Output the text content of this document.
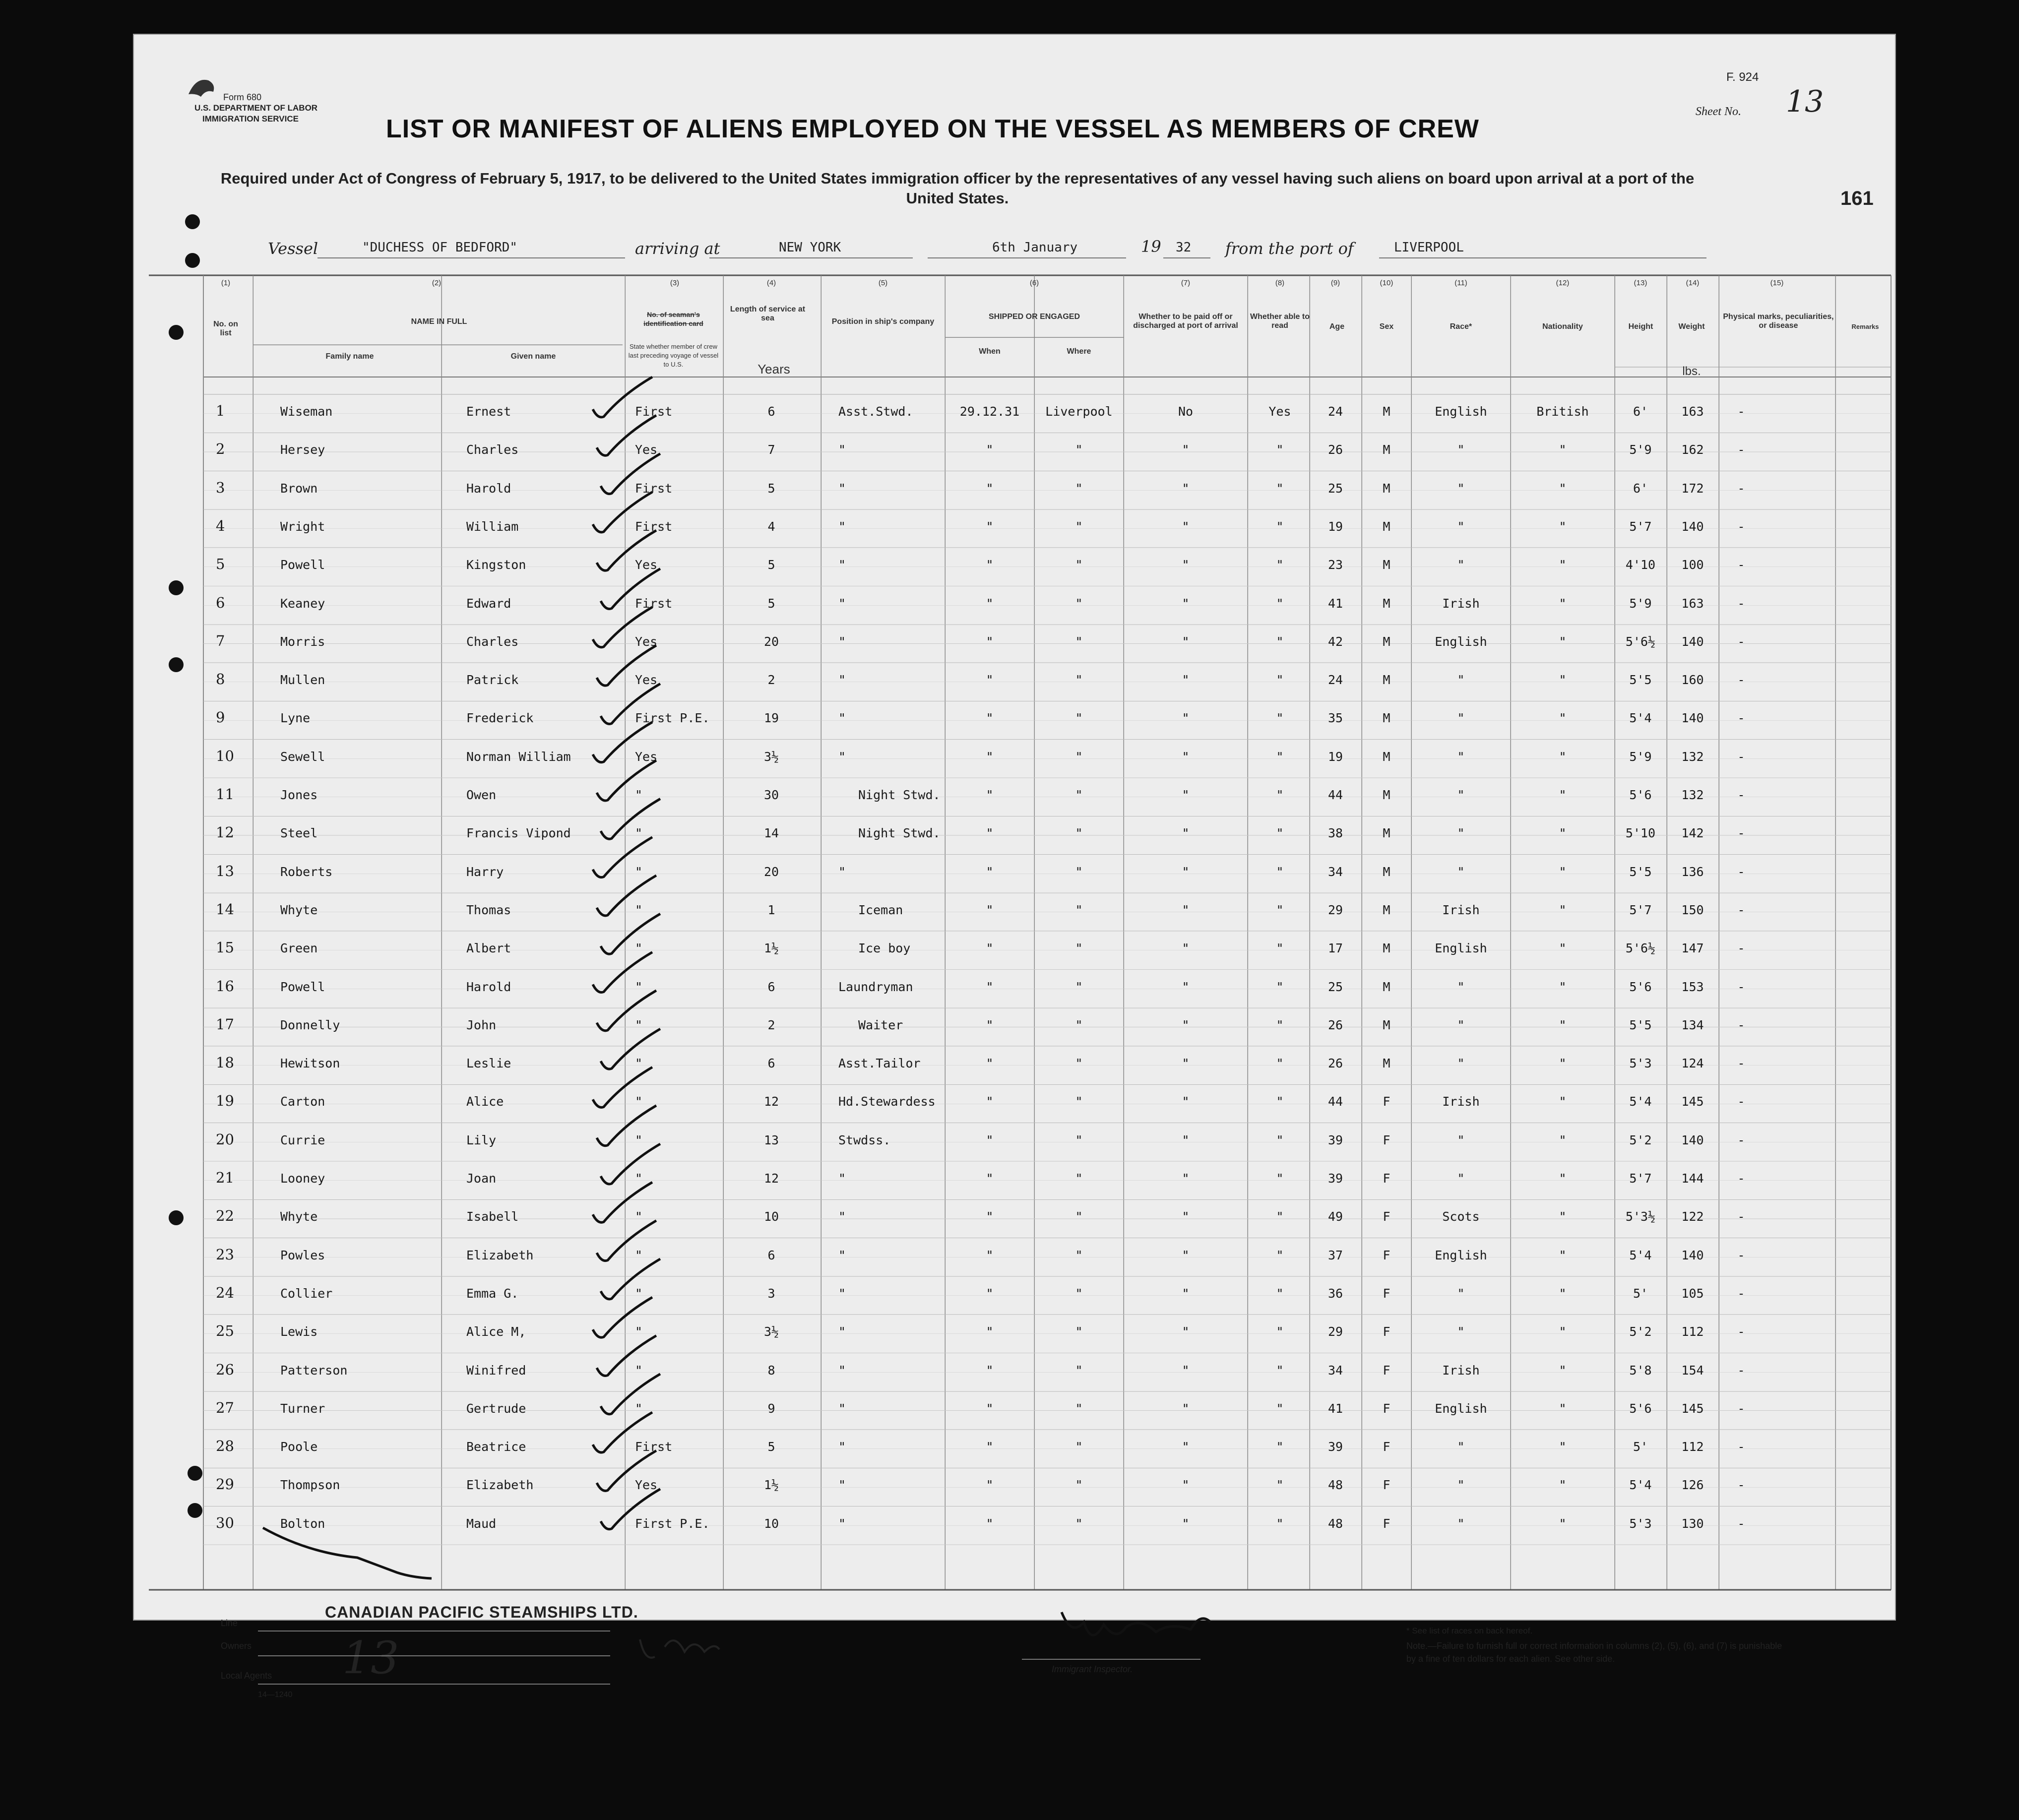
Form 680
U.S. DEPARTMENT OF LABOR
IMMIGRATION SERVICE
F. 924
Sheet No. 13
161
LIST OR MANIFEST OF ALIENS EMPLOYED ON THE VESSEL AS MEMBERS OF CREW
Required under Act of Congress of February 5, 1917, to be delivered to the United States immigration officer by the representatives of any vessel having such aliens on board upon arrival at a port of the United States.
Vessel	"DUCHESS OF BEDFORD"	arriving at	NEW YORK	6th January	19 32 from the port of	LIVERPOOL
(1)	(2)	(3)	(4)	(5)	(6)	(7)	(8)	(9)	(10)	(11)	(12)	(13)	(14)	(15)
No. on list
NAME IN FULL
Family name	Given name
No. of seaman's identification card
State whether member of crew last preceding voyage of vessel to U.S.
Length of service at sea
Years
Position in ship's company
SHIPPED OR ENGAGED
When	Where
Whether to be paid off or discharged at port of arrival
Whether able to read	Age	Sex	Race*	Nationality	Height	Weight
lbs.
Physical marks, peculiarities, or disease	Remarks
1	Wiseman	Ernest	First	6	Asst.Stwd.	29.12.31	Liverpool	No	Yes	24	M	English	British	6'	163	-
2	Hersey	Charles	Yes	7	"	"	"	"	"	26	M	"	"	5'9	162	-
3	Brown	Harold	First	5	"	"	"	"	"	25	M	"	"	6'	172	-
4	Wright	William	First	4	"	"	"	"	"	19	M	"	"	5'7	140	-
5	Powell	Kingston	Yes	5	"	"	"	"	"	23	M	"	"	4'10	100	-
6	Keaney	Edward	First	5	"	"	"	"	"	41	M	Irish	"	5'9	163	-
7	Morris	Charles	Yes	20	"	"	"	"	"	42	M	English	"	5'6½	140	-
8	Mullen	Patrick	Yes	2	"	"	"	"	"	24	M	"	"	5'5	160	-
9	Lyne	Frederick	First P.E.	19	"	"	"	"	"	35	M	"	"	5'4	140	-
10	Sewell	Norman William	Yes	3½	"	"	"	"	"	19	M	"	"	5'9	132	-
11	Jones	Owen	"	30	Night Stwd.	"	"	"	"	44	M	"	"	5'6	132	-
12	Steel	Francis Vipond	"	14	Night Stwd.	"	"	"	"	38	M	"	"	5'10	142	-
13	Roberts	Harry	"	20	"	"	"	"	"	34	M	"	"	5'5	136	-
14	Whyte	Thomas	"	1	Iceman	"	"	"	"	29	M	Irish	"	5'7	150	-
15	Green	Albert	"	1½	Ice boy	"	"	"	"	17	M	English	"	5'6½	147	-
16	Powell	Harold	"	6	Laundryman	"	"	"	"	25	M	"	"	5'6	153	-
17	Donnelly	John	"	2	Waiter	"	"	"	"	26	M	"	"	5'5	134	-
18	Hewitson	Leslie	"	6	Asst.Tailor	"	"	"	"	26	M	"	"	5'3	124	-
19	Carton	Alice	"	12	Hd.Stewardess	"	"	"	"	44	F	Irish	"	5'4	145	-
20	Currie	Lily	"	13	Stwdss.	"	"	"	"	39	F	"	"	5'2	140	-
21	Looney	Joan	"	12	"	"	"	"	"	39	F	"	"	5'7	144	-
22	Whyte	Isabell	"	10	"	"	"	"	"	49	F	Scots	"	5'3½	122	-
23	Powles	Elizabeth	"	6	"	"	"	"	"	37	F	English	"	5'4	140	-
24	Collier	Emma G.	"	3	"	"	"	"	"	36	F	"	"	5'	105	-
25	Lewis	Alice M,	"	3½	"	"	"	"	"	29	F	"	"	5'2	112	-
26	Patterson	Winifred	"	8	"	"	"	"	"	34	F	Irish	"	5'8	154	-
27	Turner	Gertrude	"	9	"	"	"	"	"	41	F	English	"	5'6	145	-
28	Poole	Beatrice	First	5	"	"	"	"	"	39	F	"	"	5'	112	-
29	Thompson	Elizabeth	Yes	1½	"	"	"	"	"	48	F	"	"	5'4	126	-
30	Bolton	Maud	First P.E.	10	"	"	"	"	"	48	F	"	"	5'3	130	-
Line
CANADIAN PACIFIC STEAMSHIPS LTD.
Owners
Local Agents 13
14—1240
Immigrant Inspector.
* See list of races on back hereof.
Note.—Failure to furnish full or correct information in columns (2), (5), (6), and (7) is punishable by a fine of ten dollars for each alien. See other side.
